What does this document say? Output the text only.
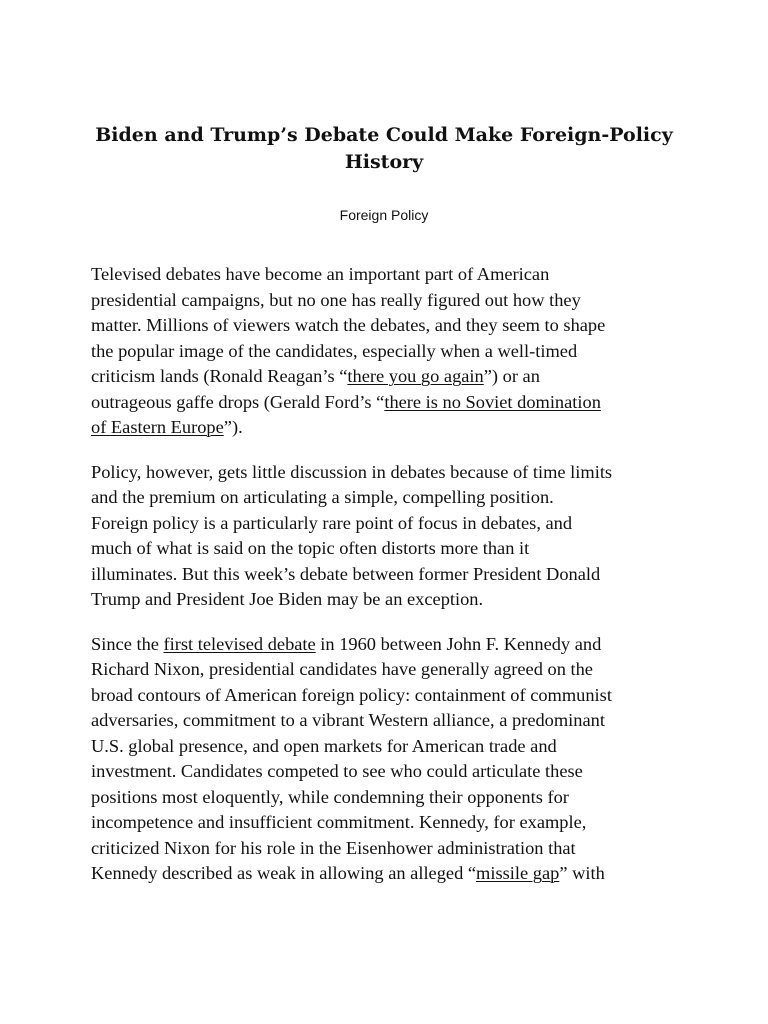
Biden and Trump’s Debate Could Make Foreign-Policy
History
Foreign Policy

Televised debates have become an important part of American
presidential campaigns, but no one has really figured out how they
matter. Millions of viewers watch the debates, and they seem to shape
the popular image of the candidates, especially when a well-timed
criticism lands (Ronald Reagan’s “there you go again”) or an
outrageous gaffe drops (Gerald Ford’s “there is no Soviet domination
of Eastern Europe”).

Policy, however, gets little discussion in debates because of time limits
and the premium on articulating a simple, compelling position.
Foreign policy is a particularly rare point of focus in debates, and
much of what is said on the topic often distorts more than it
illuminates. But this week’s debate between former President Donald
Trump and President Joe Biden may be an exception.

Since the first televised debate in 1960 between John F. Kennedy and
Richard Nixon, presidential candidates have generally agreed on the
broad contours of American foreign policy: containment of communist
adversaries, commitment to a vibrant Western alliance, a predominant
U.S. global presence, and open markets for American trade and
investment. Candidates competed to see who could articulate these
positions most eloquently, while condemning their opponents for
incompetence and insufficient commitment. Kennedy, for example,
criticized Nixon for his role in the Eisenhower administration that
Kennedy described as weak in allowing an alleged “missile gap” with
